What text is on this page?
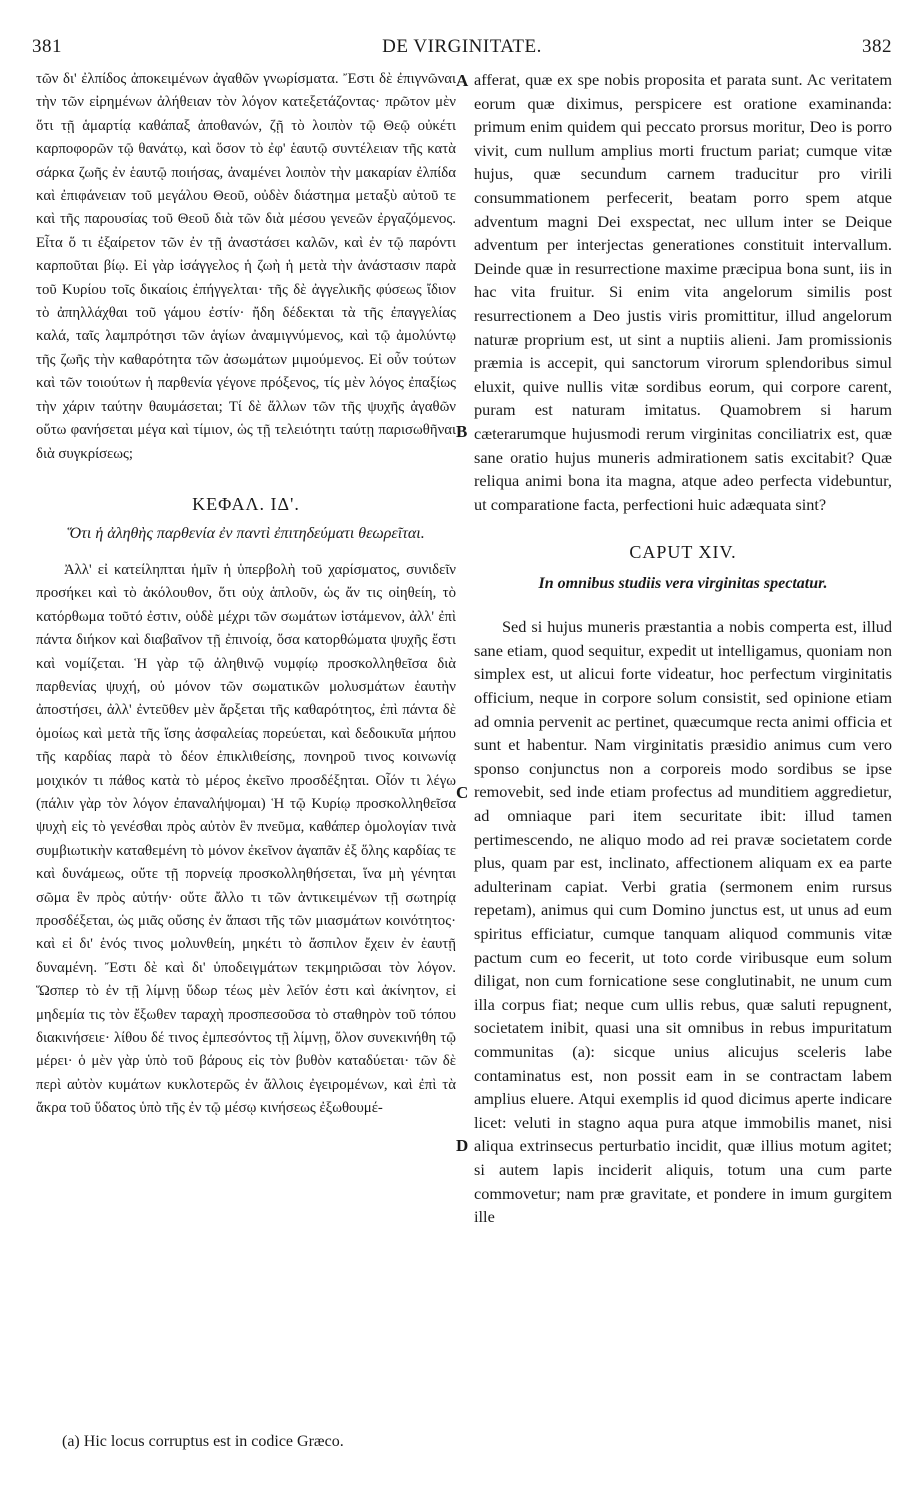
381	DE VIRGINITATE.	382

τῶν δι' ἐλπίδος ἀποκειμένων ἀγαθῶν γνωρίσματα. Ἔστι δὲ ἐπιγνῶναι τὴν τῶν εἰρημένων ἀλήθειαν τὸν λόγον κατεξετάζοντας· πρῶτον μὲν ὅτι τῇ ἁμαρτίᾳ καθάπαξ ἀποθανών, ζῇ τὸ λοιπὸν τῷ Θεῷ οὐκέτι καρποφορῶν τῷ θανάτῳ, καὶ ὅσον τὸ ἐφ' ἑαυτῷ συντέλειαν τῆς κατὰ σάρκα ζωῆς ἐν ἑαυτῷ ποιήσας, ἀναμένει λοιπὸν τὴν μακαρίαν ἐλπίδα καὶ ἐπιφάνειαν τοῦ μεγάλου Θεοῦ, οὐδὲν διάστημα μεταξὺ αὐτοῦ τε καὶ τῆς παρουσίας τοῦ Θεοῦ διὰ τῶν διὰ μέσου γενεῶν ἐργαζόμενος. Εἶτα ὅ τι ἐξαίρετον τῶν ἐν τῇ ἀναστάσει καλῶν, καὶ ἐν τῷ παρόντι καρποῦται βίῳ. Εἰ γὰρ ἰσάγγελος ἡ ζωὴ ἡ μετὰ τὴν ἀνάστασιν παρὰ τοῦ Κυρίου τοῖς δικαίοις ἐπήγγελται· τῆς δὲ ἀγγελικῆς φύσεως ἴδιον τὸ ἀπηλλάχθαι τοῦ γάμου ἐστίν· ἤδη δέδεκται τὰ τῆς ἐπαγγελίας καλά, ταῖς λαμπρότησι τῶν ἁγίων ἀναμιγνύμενος, καὶ τῷ ἀμολύντῳ τῆς ζωῆς τὴν καθαρότητα τῶν ἀσωμάτων μιμούμενος. Εἰ οὖν τούτων καὶ τῶν τοιούτων ἡ παρθενία γέγονε πρόξενος, τίς μὲν λόγος ἐπαξίως τὴν χάριν ταύτην θαυμάσεται; Τί δὲ ἄλλων τῶν τῆς ψυχῆς ἀγαθῶν οὕτω φανήσεται μέγα καὶ τίμιον, ὡς τῇ τελειότητι ταύτῃ παρισωθῆναι διὰ συγκρίσεως;

ΚΕΦΑΛ. ΙΔ'.
Ὅτι ἡ ἀληθὴς παρθενία ἐν παντὶ ἐπιτηδεύματι θεωρεῖται.

Ἀλλ' εἰ κατείληπται ἡμῖν ἡ ὑπερβολὴ τοῦ χαρίσματος, συνιδεῖν προσήκει καὶ τὸ ἀκόλουθον, ὅτι οὐχ ἁπλοῦν, ὡς ἄν τις οἰηθείη, τὸ κατόρθωμα τοῦτό ἐστιν, οὐδὲ μέχρι τῶν σωμάτων ἱστάμενον, ἀλλ' ἐπὶ πάντα διήκον καὶ διαβαῖνον τῇ ἐπινοίᾳ, ὅσα κατορθώματα ψυχῆς ἔστι καὶ νομίζεται. Ἡ γὰρ τῷ ἀληθινῷ νυμφίῳ προσκολληθεῖσα διὰ παρθενίας ψυχή, οὐ μόνον τῶν σωματικῶν μολυσμάτων ἑαυτὴν ἀποστήσει, ἀλλ' ἐντεῦθεν μὲν ἄρξεται τῆς καθαρότητος, ἐπὶ πάντα δὲ ὁμοίως καὶ μετὰ τῆς ἴσης ἀσφαλείας πορεύεται, καὶ δεδοικυῖα μήπου τῆς καρδίας παρὰ τὸ δέον ἐπικλιθείσης, πονηροῦ τινος κοινωνίᾳ μοιχικόν τι πάθος κατὰ τὸ μέρος ἐκεῖνο προσδέξηται. Οἷόν τι λέγω (πάλιν γὰρ τὸν λόγον ἐπαναλήψομαι) Ἡ τῷ Κυρίῳ προσκολληθεῖσα ψυχὴ εἰς τὸ γενέσθαι πρὸς αὐτὸν ἓν πνεῦμα, καθάπερ ὁμολογίαν τινὰ συμβιωτικὴν καταθεμένη τὸ μόνον ἐκεῖνον ἀγαπᾶν ἐξ ὅλης καρδίας τε καὶ δυνάμεως, οὔτε τῇ πορνείᾳ προσκολληθήσεται, ἵνα μὴ γένηται σῶμα ἓν πρὸς αὐτήν· οὔτε ἄλλο τι τῶν ἀντικειμένων τῇ σωτηρίᾳ προσδέξεται, ὡς μιᾶς οὔσης ἐν ἅπασι τῆς τῶν μιασμάτων κοινότητος· καὶ εἰ δι' ἑνός τινος μολυνθείη, μηκέτι τὸ ἄσπιλον ἔχειν ἐν ἑαυτῇ δυναμένη. Ἔστι δὲ καὶ δι' ὑποδειγμάτων τεκμηριῶσαι τὸν λόγον. Ὥσπερ τὸ ἐν τῇ λίμνῃ ὕδωρ τέως μὲν λεῖόν ἐστι καὶ ἀκίνητον, εἰ μηδεμία τις τὸν ἔξωθεν ταραχὴ προσπεσοῦσα τὸ σταθηρὸν τοῦ τόπου διακινήσειε· λίθου δέ τινος ἐμπεσόντος τῇ λίμνῃ, ὅλον συνεκινήθη τῷ μέρει· ὁ μὲν γὰρ ὑπὸ τοῦ βάρους εἰς τὸν βυθὸν καταδύεται· τῶν δὲ περὶ αὐτὸν κυμάτων κυκλοτερῶς ἐν ἄλλοις ἐγειρομένων, καὶ ἐπὶ τὰ ἄκρα τοῦ ὕδατος ὑπὸ τῆς ἐν τῷ μέσῳ κινήσεως ἐξωθουμέ-

afferat, quæ ex spe nobis proposita et parata sunt. Ac veritatem eorum quæ diximus, perspicere est oratione examinanda: primum enim quidem qui peccato prorsus moritur, Deo is porro vivit, cum nullum amplius morti fructum pariat; cumque vitæ hujus, quæ secundum carnem traducitur pro virili consummationem perfecerit, beatam porro spem atque adventum magni Dei exspectat, nec ullum inter se Deique adventum per interjectas generationes constituit intervallum. Deinde quæ in resurrectione maxime præcipua bona sunt, iis in hac vita fruitur. Si enim vita angelorum similis post resurrectionem a Deo justis viris promittitur, illud angelorum naturæ proprium est, ut sint a nuptiis alieni. Jam promissionis præmia is accepit, qui sanctorum virorum splendoribus simul eluxit, quive nullis vitæ sordibus eorum, qui corpore carent, puram est naturam imitatus. Quamobrem si harum cæterarumque hujusmodi rerum virginitas conciliatrix est, quæ sane oratio hujus muneris admirationem satis excitabit? Quæ reliqua animi bona ita magna, atque adeo perfecta videbuntur, ut comparatione facta, perfectioni huic adæquata sint?

CAPUT XIV.
In omnibus studiis vera virginitas spectatur.

Sed si hujus muneris præstantia a nobis comperta est, illud sane etiam, quod sequitur, expedit ut intelligamus, quoniam non simplex est, ut alicui forte videatur, hoc perfectum virginitatis officium, neque in corpore solum consistit, sed opinione etiam ad omnia pervenit ac pertinet, quæcumque recta animi officia et sunt et habentur. Nam virginitatis præsidio animus cum vero sponso conjunctus non a corporeis modo sordibus se ipse removebit, sed inde etiam profectus ad munditiem aggredietur, ad omniaque pari item securitate ibit: illud tamen pertimescendo, ne aliquo modo ad rei pravæ societatem corde plus, quam par est, inclinato, affectionem aliquam ex ea parte adulterinam capiat. Verbi gratia (sermonem enim rursus repetam), animus qui cum Domino junctus est, ut unus ad eum spiritus efficiatur, cumque tanquam aliquod communis vitæ pactum cum eo fecerit, ut toto corde viribusque eum solum diligat, non cum fornicatione sese conglutinabit, ne unum cum illa corpus fiat; neque cum ullis rebus, quæ saluti repugnent, societatem inibit, quasi una sit omnibus in rebus impuritatum communitas (a): sicque unius alicujus sceleris labe contaminatus est, non possit eam in se contractam labem amplius eluere. Atqui exemplis id quod dicimus aperte indicare licet: veluti in stagno aqua pura atque immobilis manet, nisi aliqua extrinsecus perturbatio incidit, quæ illius motum agitet; si autem lapis inciderit aliquis, totum una cum parte commovetur; nam præ gravitate, et pondere in imum gurgitem ille

A
B
C
D
(a) Hic locus corruptus est in codice Græco.
